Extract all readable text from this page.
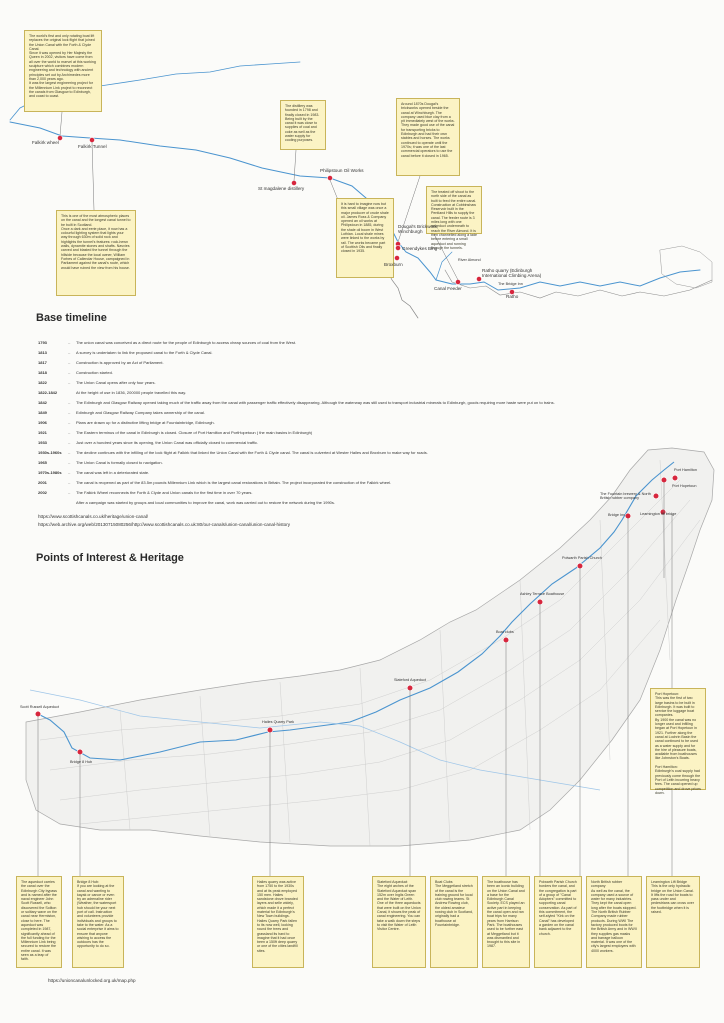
The world's first and only rotating boat lift replaces the original lock flight that joined the Union Canal with the Forth & Clyde Canal.
Since it was opened by Her Majesty the Queen in 2002, visitors have come from all over the world to marvel at this working sculpture which combines modern engineering and technology with ancient principles set out by Archimedes more than 2,000 years ago.
It was the largest engineering project for the Millennium Link project to reconnect the canals from Glasgow to Edinburgh, and coast to coast.
This is one of the most atmospheric places on the canal and the longest canal tunnel to be built in Scotland.
Once a dark and eerie place, it now has a colourful lighting system that lights your way through 630m of solid rock and highlights the tunnel's features: rock-hewn walls, dynamite stones and shafts. Navvies carved and blasted the tunnel through the hillside because the local owner, William Forbes of Callendar House, campaigned in Parliament against the canal's route, which would have ruined the view from his house.
The distillery was founded in 1798 and finally closed in 1983. Being built by the canal it was close to supplies of coal and coke as well as the water supply for cooling purposes.
It is hard to imagine now but this small village was once a major producer of crude shale oil. James Ross & Company opened an oil works at Philipstoun in 1885, during the shale oil boom in West Lothian. Local shale mines were linked to the works by rail. The works became part of Scottish Oils and finally closed in 1935.
Around 1870s Dougal's brickworks opened beside the canal at Winchburgh. The company used blue clay from a pit immediately west of the works. They made good use of the canal for transporting bricks to Edinburgh and had their own stables and horses. The works continued to operate until the 1970s; it was one of the last commercial operators to use the canal before it closed in 1965.
The treated off shoot to the north side of the canal as built to feed the entire canal. Construction at Cobbinshaw Reservoir built in the Pentland Hills to supply the canal. The feeder route is 3 miles long with one aqueduct underneath to reach the River Almond. It is then channelled along a lade before entering a small aqueduct and running through the tunnels.
Falkirk wheel
Falkirk Tunnel
St magdalene distillery
Philipstoun Oil Works
Dougal's Brickwork, Winchburgh
Greendykes Bing
Broxburn
Canal Feeder
Ratho quarry (Edinburgh International Climbing Arena)
Ratho
River Almond
The Bridge Inn
Base timeline
1793	– The union canal was conceived as a direct route for the people of Edinburgh to access cheap sources of coal from the West.
1813	– A survey is undertaken to link the proposed canal to the Forth & Clyde Canal.
1817	– Construction is approved by an Act of Parliament.
1818	– Construction started.
1822	– The Union Canal opens after only four years.
1822-1842	At the height of use in 1836, 200000 people travelled this way.
1842	– The Edinburgh and Glasgow Railway opened taking much of the traffic away from the canal with passenger traffic effectively disappearing. Although the waterway was still used to transport industrial minerals to Edinburgh, goods requiring more haste were put on to trains.
1849	– Edinburgh and Glasgow Railway Company takes ownership of the canal.
1906	– Plans are drawn up for a distinctive lifting bridge at Fountainbridge, Edinburgh.
1921	– The Eastern terminus of the canal in Edinburgh is closed. Closure of Port Hamilton and PortHopetoun ( the main basins in Edinburgh)
1933	– Just over a hundred years since its opening, the Union Canal was officially closed to commercial traffic.
1930s-1960s – The decline continues with the infilling of the lock flight at Falkirk that linked the Union Canal with the Forth & Clyde canal. The canal is culverted at Wester Hailes and Broxburn to make way for roads.
1965	– The Union Canal is formally closed to navigation.
1970s-1980s – The canal was left in a deteriorated state.
2001	– The canal is reopened as part of the 83.5m pounds Millennium Link which is the largest canal restorations in Britain. The project incorporated the construction of the Falkirk wheel.
2002	– The Falkirk Wheel reconnects the Forth & Clyde and Union canals for the first time in over 70 years.
After a campaign was started by groups and local communities to improve the canal, work was carried out to restore the network during the 1990s.
https://www.scottishcanals.co.uk/heritage/union-canal/
https://web.archive.org/web/20130715080256/http://www.scottishcanals.co.uk:80/our-canals/union-canal/union-canal-history
Points of Interest & Heritage
Port Hamilton
Port Hopetoun
The Fountain brewery & North British rubber company
Bridge Inn	Leamington lift bridge
Polwarth Parish Church
Ashley Terrace Boathouse
Boat clubs
Slateford Aqueduct
Hailes Quarry Park
Scott Russell Aqueduct
Bridge 8 Hub
Port Hopetoun:
This was the first of two large basins to be built in Edinburgh. It was built to service the luggage boat companies.
By 1900 the canal was no longer used and infilling began at Port Hopetoun in 1921. Further along the canal at Lochrin Basin the canal continued to be used as a water supply and for the hire of pleasure boats, available from boathouses like Johnston's Boats.

Port Hamilton:
Edinburgh's coal supply had previously come through the Port of Leith incurring heavy fees. The canal opened up competition and drove prices down.
The aqueduct carries the canal over the Edinburgh City bypass and is named after the naval engineer John Scott Russell, who discovered the Soliton or solitary wave on the canal near Hermiston, close to here. The aqueduct was completed in 1987, significantly ahead of the full funding for the Millennium Link being secured to restore the entire canal. It was seen as a leap of faith.
Bridge 8 Hub:
If you are looking at the canal and wanting to kayak or canoe or even try an adrenaline rider (Weather, the watersport hub should be your next port of call. Instruction and volunteers provide individuals and groups to take to the water. As a social enterprise it aims to ensure that anyone wishing to access the outdoors has the opportunity to do so.
Hailes quarry was active from 1750 to the 1930s and at its peak employed 150 men. Hailes sandstone drove branded layers and selle widely, which made it a perfect material for Edinburgh's New Town buildings. Hailes Quarry Park fallen to its now well, looking round the trees and grassland its hard to imagine that it had once been a 150ft deep quarry or one of the cities landfill sites.
Slateford Aqueduct
The eight arches of the Slateford Aqueduct span 152m over Inglis Green and the Water of Leith. One of the three aqueducts that were built on the Union Canal, it shows the peak of canal engineering. You can take a walk down the steps to visit the Water of Leith Visitor Centre.
Boat Clubs
The Meggetland stretch of the canal is the training ground for local club rowing teams. St Andrew Rowing club, the oldest amateur rowing club in Scotland, originally had a boathouse at Fountainbridge.
The boathouse has been an iconic building on the Union Canal and a base for the Edinburgh Canal Society. ECS played an active part in keeping the canal open and ran boat trips for many years from Harrison Park. The boathouses used to be further east at Meggetland but it was dismantled and brought to this site in 1987.
Polwarth Parish Church borders the canal, and the congregation is part of a group of "Canal Adopters" committed to supporting canal conservation. As part of this commitment, the self-styled "Kirk on the Canal" has developed a garden on the canal bank adjacent to the church.
North British rubber company
As well as the canal, the company used a source of water for many industries. They kept the canal open long after the boats stopped. The North British Rubber Company made rubber products. During WWI The factory produced boots for the British Army and in WWII they supplies gas masks and barrage balloon material. It was one of the city's largest employers with 4000 workers.
Leamington Lift Bridge
This is the only hydraulic bridge on the Union Canal. It lifts the road for boats to pass under and pedestrians can cross over the footbridge when it is raised.
https://unioncanalunlocked.org.uk/map.php
